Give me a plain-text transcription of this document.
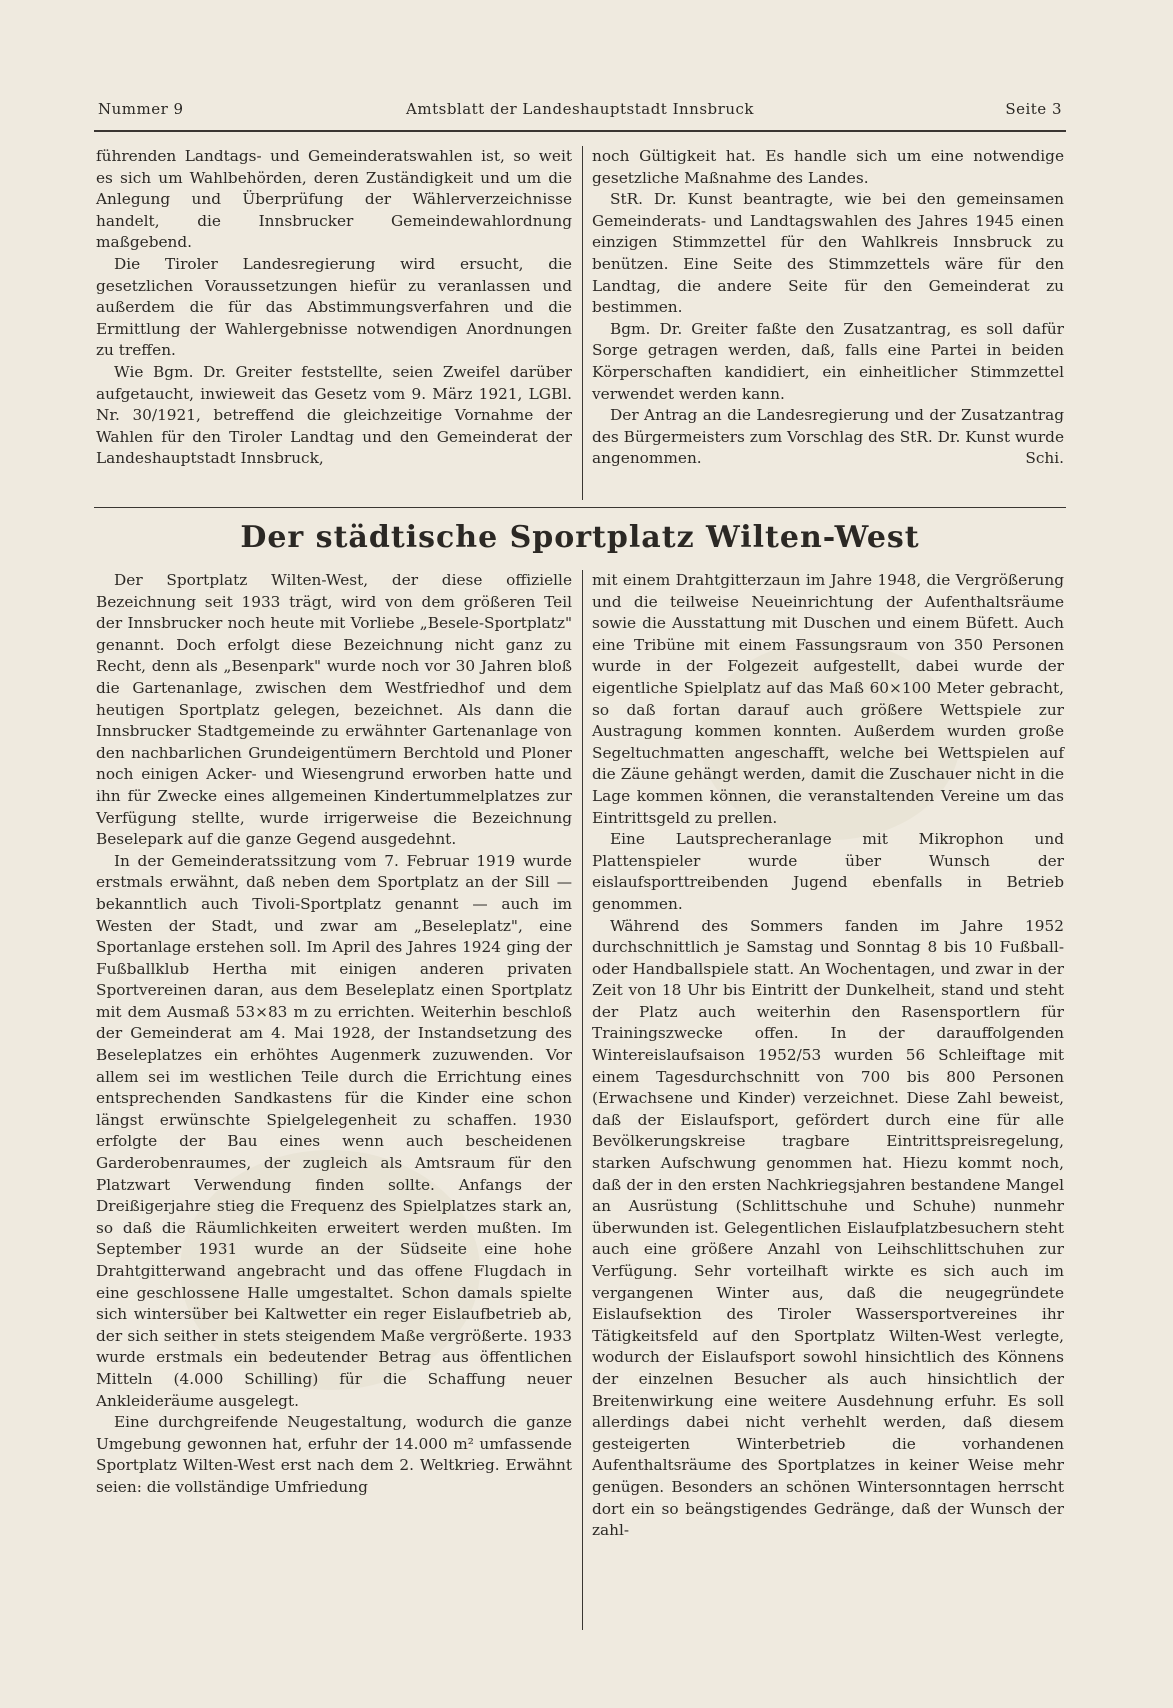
Nummer 9	Amtsblatt der Landeshauptstadt Innsbruck	Seite 3

führenden Landtags- und Gemeinderatswahlen ist, so weit es sich um Wahlbehörden, deren Zuständigkeit und um die Anlegung und Überprüfung der Wählerverzeichnisse handelt, die Innsbrucker Gemeindewahlordnung maßgebend.

Die Tiroler Landesregierung wird ersucht, die gesetzlichen Voraussetzungen hiefür zu veranlassen und außerdem die für das Abstimmungsverfahren und die Ermittlung der Wahlergebnisse notwendigen Anordnungen zu treffen.

Wie Bgm. Dr. Greiter feststellte, seien Zweifel darüber aufgetaucht, inwieweit das Gesetz vom 9. März 1921, LGBl. Nr. 30/1921, betreffend die gleichzeitige Vornahme der Wahlen für den Tiroler Landtag und den Gemeinderat der Landeshauptstadt Innsbruck,

noch Gültigkeit hat. Es handle sich um eine notwendige gesetzliche Maßnahme des Landes.

StR. Dr. Kunst beantragte, wie bei den gemeinsamen Gemeinderats- und Landtagswahlen des Jahres 1945 einen einzigen Stimmzettel für den Wahlkreis Innsbruck zu benützen. Eine Seite des Stimmzettels wäre für den Landtag, die andere Seite für den Gemeinderat zu bestimmen.

Bgm. Dr. Greiter faßte den Zusatzantrag, es soll dafür Sorge getragen werden, daß, falls eine Partei in beiden Körperschaften kandidiert, ein einheitlicher Stimmzettel verwendet werden kann.

Der Antrag an die Landesregierung und der Zusatzantrag des Bürgermeisters zum Vorschlag des StR. Dr. Kunst wurde angenommen.	Schi.

Der städtische Sportplatz Wilten-West

Der Sportplatz Wilten-West, der diese offizielle Bezeichnung seit 1933 trägt, wird von dem größeren Teil der Innsbrucker noch heute mit Vorliebe „Besele-Sportplatz" genannt. Doch erfolgt diese Bezeichnung nicht ganz zu Recht, denn als „Besenpark" wurde noch vor 30 Jahren bloß die Gartenanlage, zwischen dem Westfriedhof und dem heutigen Sportplatz gelegen, bezeichnet. Als dann die Innsbrucker Stadtgemeinde zu erwähnter Gartenanlage von den nachbarlichen Grundeigentümern Berchtold und Ploner noch einigen Acker- und Wiesengrund erworben hatte und ihn für Zwecke eines allgemeinen Kindertummelplatzes zur Verfügung stellte, wurde irrigerweise die Bezeichnung Beselepark auf die ganze Gegend ausgedehnt.

In der Gemeinderatssitzung vom 7. Februar 1919 wurde erstmals erwähnt, daß neben dem Sportplatz an der Sill — bekanntlich auch Tivoli-Sportplatz genannt — auch im Westen der Stadt, und zwar am „Beseleplatz", eine Sportanlage erstehen soll. Im April des Jahres 1924 ging der Fußballklub Hertha mit einigen anderen privaten Sportvereinen daran, aus dem Beseleplatz einen Sportplatz mit dem Ausmaß 53×83 m zu errichten. Weiterhin beschloß der Gemeinderat am 4. Mai 1928, der Instandsetzung des Beseleplatzes ein erhöhtes Augenmerk zuzuwenden. Vor allem sei im westlichen Teile durch die Errichtung eines entsprechenden Sandkastens für die Kinder eine schon längst erwünschte Spielgelegenheit zu schaffen. 1930 erfolgte der Bau eines wenn auch bescheidenen Garderobenraumes, der zugleich als Amtsraum für den Platzwart Verwendung finden sollte. Anfangs der Dreißigerjahre stieg die Frequenz des Spielplatzes stark an, so daß die Räumlichkeiten erweitert werden mußten. Im September 1931 wurde an der Südseite eine hohe Drahtgitterwand angebracht und das offene Flugdach in eine geschlossene Halle umgestaltet. Schon damals spielte sich wintersüber bei Kaltwetter ein reger Eislaufbetrieb ab, der sich seither in stets steigendem Maße vergrößerte. 1933 wurde erstmals ein bedeutender Betrag aus öffentlichen Mitteln (4.000 Schilling) für die Schaffung neuer Ankleideräume ausgelegt.

Eine durchgreifende Neugestaltung, wodurch die ganze Umgebung gewonnen hat, erfuhr der 14.000 m² umfassende Sportplatz Wilten-West erst nach dem 2. Weltkrieg. Erwähnt seien: die vollständige Umfriedung

mit einem Drahtgitterzaun im Jahre 1948, die Vergrößerung und die teilweise Neueinrichtung der Aufenthaltsräume sowie die Ausstattung mit Duschen und einem Büfett. Auch eine Tribüne mit einem Fassungsraum von 350 Personen wurde in der Folgezeit aufgestellt, dabei wurde der eigentliche Spielplatz auf das Maß 60×100 Meter gebracht, so daß fortan darauf auch größere Wettspiele zur Austragung kommen konnten. Außerdem wurden große Segeltuchmatten angeschafft, welche bei Wettspielen auf die Zäune gehängt werden, damit die Zuschauer nicht in die Lage kommen können, die veranstaltenden Vereine um das Eintrittsgeld zu prellen.

Eine Lautsprecheranlage mit Mikrophon und Plattenspieler wurde über Wunsch der eislaufsporttreibenden Jugend ebenfalls in Betrieb genommen.

Während des Sommers fanden im Jahre 1952 durchschnittlich je Samstag und Sonntag 8 bis 10 Fußball- oder Handballspiele statt. An Wochentagen, und zwar in der Zeit von 18 Uhr bis Eintritt der Dunkelheit, stand und steht der Platz auch weiterhin den Rasensportlern für Trainingszwecke offen. In der darauffolgenden Wintereislaufsaison 1952/53 wurden 56 Schleiftage mit einem Tagesdurchschnitt von 700 bis 800 Personen (Erwachsene und Kinder) verzeichnet. Diese Zahl beweist, daß der Eislaufsport, gefördert durch eine für alle Bevölkerungskreise tragbare Eintrittspreisregelung, starken Aufschwung genommen hat. Hiezu kommt noch, daß der in den ersten Nachkriegsjahren bestandene Mangel an Ausrüstung (Schlittschuhe und Schuhe) nunmehr überwunden ist. Gelegentlichen Eislaufplatzbesuchern steht auch eine größere Anzahl von Leihschlittschuhen zur Verfügung. Sehr vorteilhaft wirkte es sich auch im vergangenen Winter aus, daß die neugegründete Eislaufsektion des Tiroler Wassersportvereines ihr Tätigkeitsfeld auf den Sportplatz Wilten-West verlegte, wodurch der Eislaufsport sowohl hinsichtlich des Könnens der einzelnen Besucher als auch hinsichtlich der Breitenwirkung eine weitere Ausdehnung erfuhr. Es soll allerdings dabei nicht verhehlt werden, daß diesem gesteigerten Winterbetrieb die vorhandenen Aufenthaltsräume des Sportplatzes in keiner Weise mehr genügen. Besonders an schönen Wintersonntagen herrscht dort ein so beängstigendes Gedränge, daß der Wunsch der zahl-
